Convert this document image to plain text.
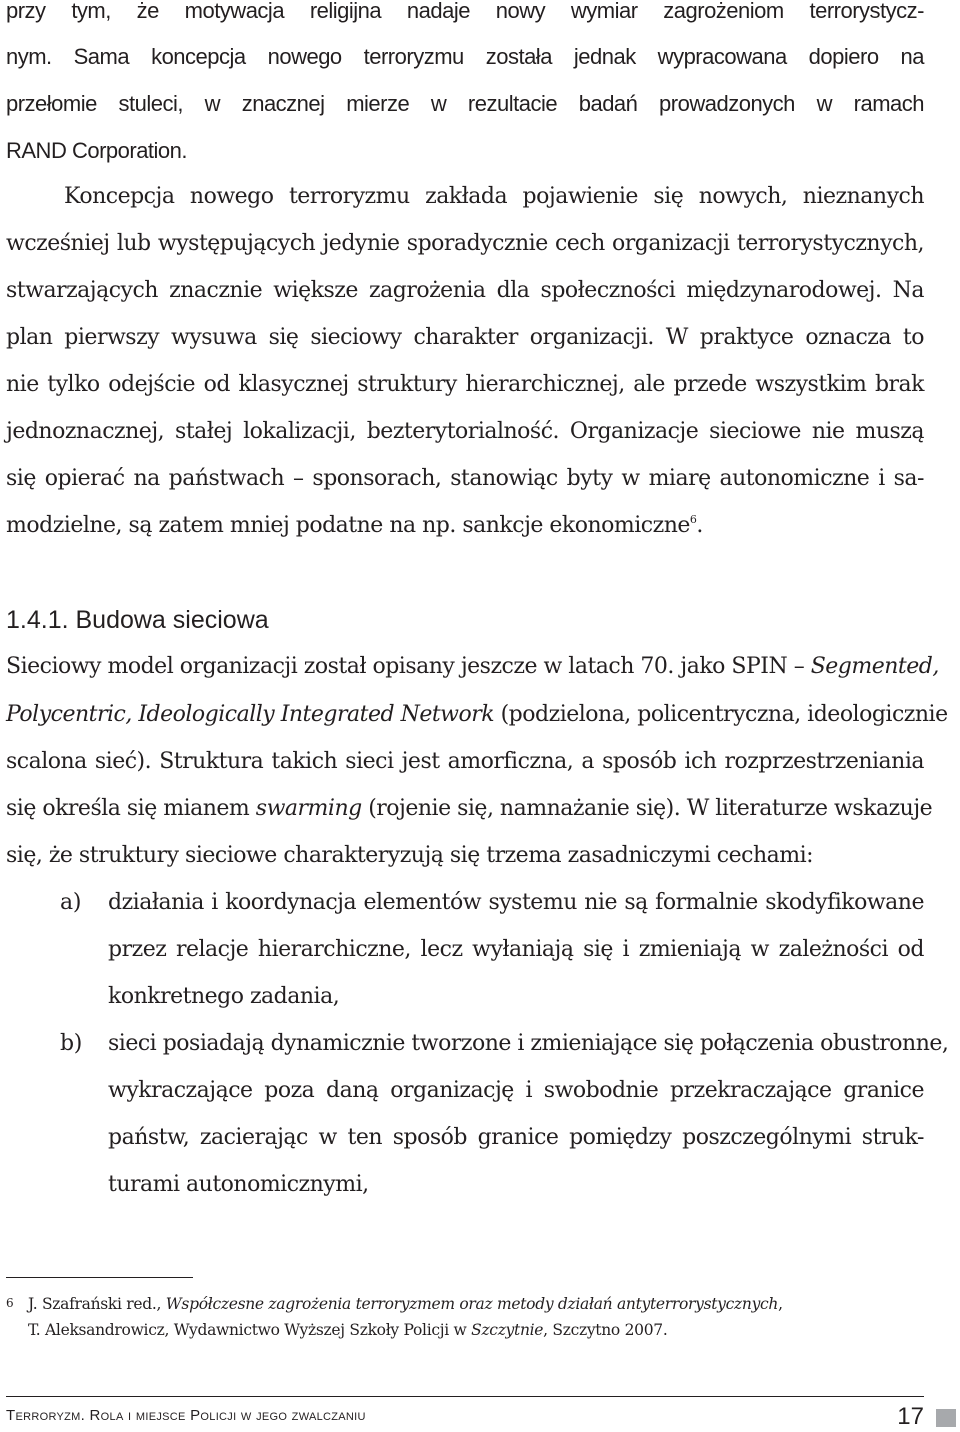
przy tym, że motywacja religijna nadaje nowy wymiar zagrożeniom terrorystycz-
nym. Sama koncepcja nowego terroryzmu została jednak wypracowana dopiero na
przełomie stuleci, w znacznej mierze w rezultacie badań prowadzonych w ramach
RAND Corporation.
Koncepcja nowego terroryzmu zakłada pojawienie się nowych, nieznanych
wcześniej lub występujących jedynie sporadycznie cech organizacji terrorystycznych,
stwarzających znacznie większe zagrożenia dla społeczności międzynarodowej. Na
plan pierwszy wysuwa się sieciowy charakter organizacji. W praktyce oznacza to
nie tylko odejście od klasycznej struktury hierarchicznej, ale przede wszystkim brak
jednoznacznej, stałej lokalizacji, bezterytorialność. Organizacje sieciowe nie muszą
się opierać na państwach – sponsorach, stanowiąc byty w miarę autonomiczne i sa-
modzielne, są zatem mniej podatne na np. sankcje ekonomiczne$^6$.
1.4.1. Budowa sieciowa
Sieciowy model organizacji został opisany jeszcze w latach 70. jako SPIN – Segmented,
Polycentric, Ideologically Integrated Network (podzielona, policentryczna, ideologicznie
scalona sieć). Struktura takich sieci jest amorficzna, a sposób ich rozprzestrzeniania
się określa się mianem swarming (rojenie się, namnażanie się). W literaturze wskazuje
się, że struktury sieciowe charakteryzują się trzema zasadniczymi cechami:
a) działania i koordynacja elementów systemu nie są formalnie skodyfikowane
przez relacje hierarchiczne, lecz wyłaniają się i zmieniają w zależności od
konkretnego zadania,
b) sieci posiadają dynamicznie tworzone i zmieniające się połączenia obustronne,
wykraczające poza daną organizację i swobodnie przekraczające granice
państw, zacierając w ten sposób granice pomiędzy poszczególnymi struk-
turami autonomicznymi,
6 J. Szafrański red., Współczesne zagrożenia terroryzmem oraz metody działań antyterrorystycznych,
T. Aleksandrowicz, Wydawnictwo Wyższej Szkoły Policji w Szczytnie, Szczytno 2007.
Terroryzm. Rola i miejsce Policji w jego zwalczaniu	17
